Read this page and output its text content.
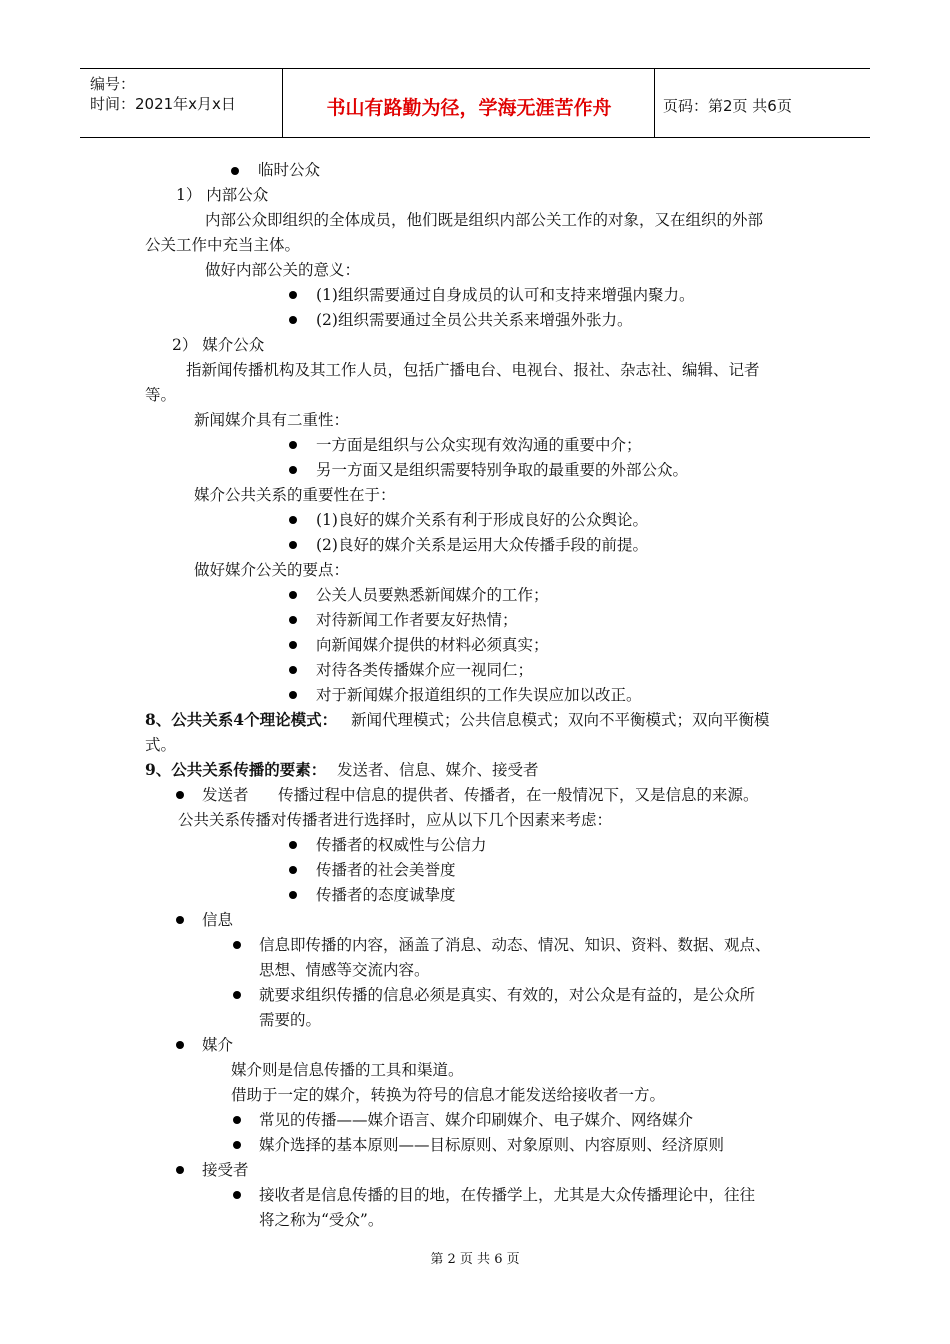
编号：
时间：2021年x月x日	书山有路勤为径，学海无涯苦作舟	页码：第2页 共6页
临时公众
1） 内部公众
内部公众即组织的全体成员，他们既是组织内部公关工作的对象，又在组织的外部
公关工作中充当主体。
做好内部公关的意义：
(1)组织需要通过自身成员的认可和支持来增强内聚力。
(2)组织需要通过全员公共关系来增强外张力。
2） 媒介公众
指新闻传播机构及其工作人员，包括广播电台、电视台、报社、杂志社、编辑、记者
等。
新闻媒介具有二重性：
一方面是组织与公众实现有效沟通的重要中介；
另一方面又是组织需要特别争取的最重要的外部公众。
媒介公共关系的重要性在于：
(1)良好的媒介关系有利于形成良好的公众舆论。
(2)良好的媒介关系是运用大众传播手段的前提。
做好媒介公关的要点：
公关人员要熟悉新闻媒介的工作；
对待新闻工作者要友好热情；
向新闻媒介提供的材料必须真实；
对待各类传播媒介应一视同仁；
对于新闻媒介报道组织的工作失误应加以改正。
8、公共关系4个理论模式： 新闻代理模式；公共信息模式；双向不平衡模式；双向平衡模
式。
9、公共关系传播的要素： 发送者、信息、媒介、接受者
发送者 传播过程中信息的提供者、传播者，在一般情况下，又是信息的来源。
公共关系传播对传播者进行选择时，应从以下几个因素来考虑：
传播者的权威性与公信力
传播者的社会美誉度
传播者的态度诚挚度
信息
信息即传播的内容，涵盖了消息、动态、情况、知识、资料、数据、观点、
思想、情感等交流内容。
就要求组织传播的信息必须是真实、有效的，对公众是有益的，是公众所
需要的。
媒介
媒介则是信息传播的工具和渠道。
借助于一定的媒介，转换为符号的信息才能发送给接收者一方。
常见的传播——媒介语言、媒介印刷媒介、电子媒介、网络媒介
媒介选择的基本原则——目标原则、对象原则、内容原则、经济原则
接受者
接收者是信息传播的目的地，在传播学上，尤其是大众传播理论中，往往
将之称为“受众”。
第 2 页 共 6 页
